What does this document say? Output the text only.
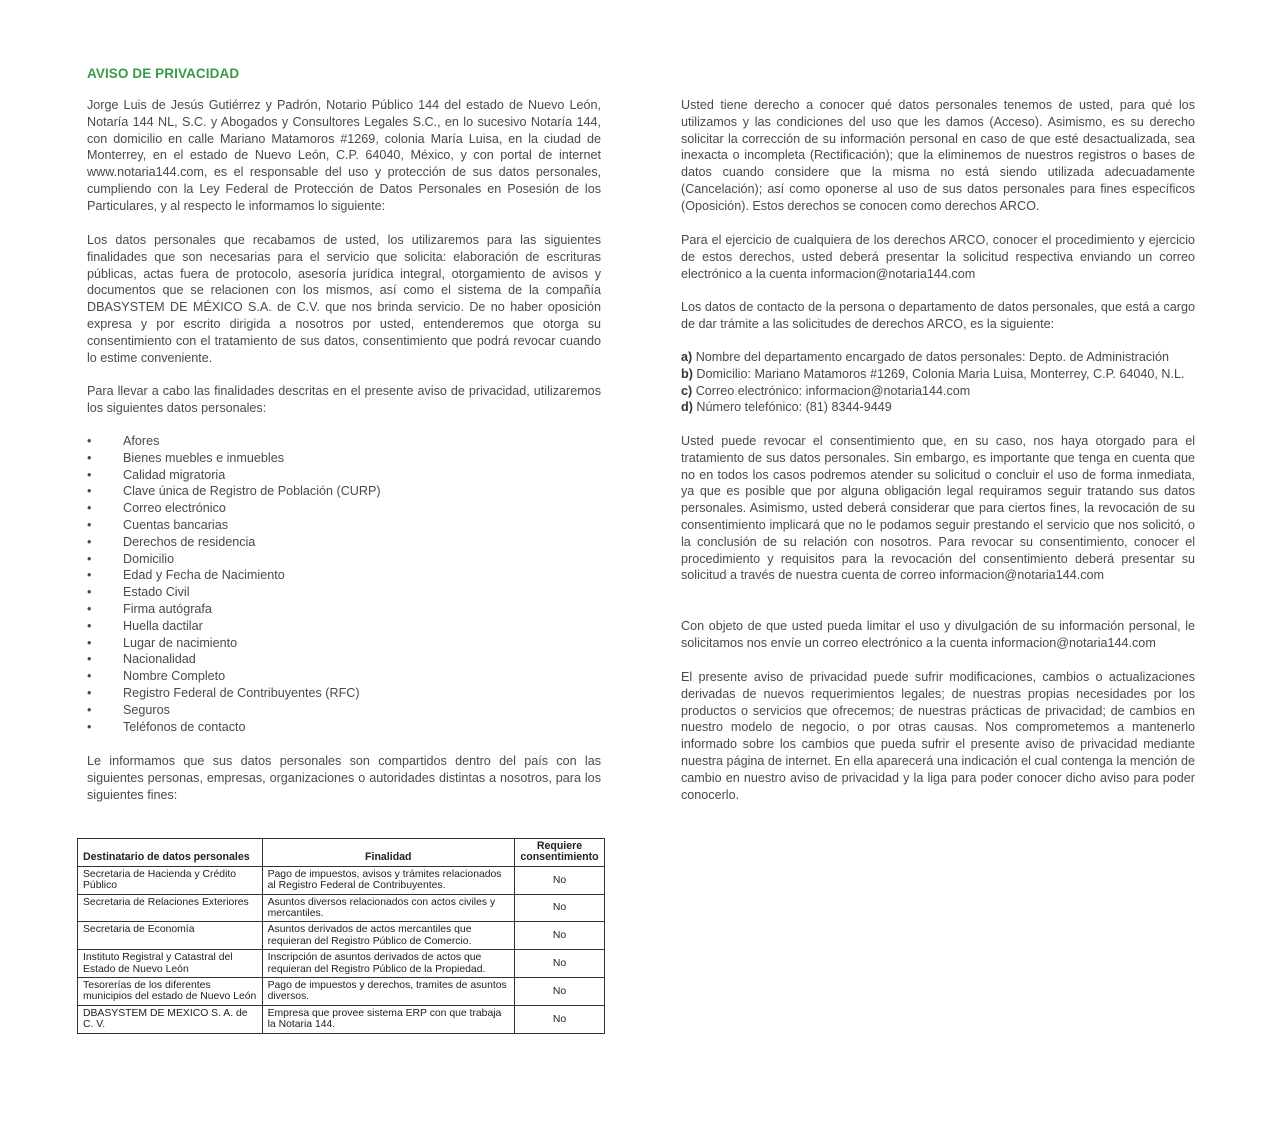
AVISO DE PRIVACIDAD

Jorge Luis de Jesús Gutiérrez y Padrón, Notario Público 144 del estado de Nuevo León, Notaría 144 NL, S.C. y Abogados y Consultores Legales S.C., en lo sucesivo Notaría 144, con domicilio en calle Mariano Matamoros #1269, colonia María Luisa, en la ciudad de Monterrey, en el estado de Nuevo León, C.P. 64040, México, y con portal de internet www.notaria144.com, es el responsable del uso y protección de sus datos personales, cumpliendo con la Ley Federal de Protección de Datos Personales en Posesión de los Particulares, y al respecto le informamos lo siguiente:

Los datos personales que recabamos de usted, los utilizaremos para las siguientes finalidades que son necesarias para el servicio que solicita: elaboración de escrituras públicas, actas fuera de protocolo, asesoría jurídica integral, otorgamiento de avisos y documentos que se relacionen con los mismos, así como el sistema de la compañía DBASYSTEM DE MÉXICO S.A. de C.V. que nos brinda servicio. De no haber oposición expresa y por escrito dirigida a nosotros por usted, entenderemos que otorga su consentimiento con el tratamiento de sus datos, consentimiento que podrá revocar cuando lo estime conveniente.

Para llevar a cabo las finalidades descritas en el presente aviso de privacidad, utilizaremos los siguientes datos personales:

•	Afores
•	Bienes muebles e inmuebles
•	Calidad migratoria
•	Clave única de Registro de Población (CURP)
•	Correo electrónico
•	Cuentas bancarias
•	Derechos de residencia
•	Domicilio
•	Edad y Fecha de Nacimiento
•	Estado Civil
•	Firma autógrafa
•	Huella dactilar
•	Lugar de nacimiento
•	Nacionalidad
•	Nombre Completo
•	Registro Federal de Contribuyentes (RFC)
•	Seguros
•	Teléfonos de contacto

Le informamos que sus datos personales son compartidos dentro del país con las siguientes personas, empresas, organizaciones o autoridades distintas a nosotros, para los siguientes fines:

Destinatario de datos personales	Finalidad	Requiere consentimiento
Secretaria de Hacienda y Crédito Público	Pago de impuestos, avisos y trámites relacionados al Registro Federal de Contribuyentes.	No
Secretaria de Relaciones Exteriores	Asuntos diversos relacionados con actos civiles y mercantiles.	No
Secretaria de Economía	Asuntos derivados de actos mercantiles que requieran del Registro Público de Comercio.	No
Instituto Registral y Catastral del Estado de Nuevo León	Inscripción de asuntos derivados de actos que requieran del Registro Público de la Propiedad.	No
Tesorerías de los diferentes municipios del estado de Nuevo León	Pago de impuestos y derechos, tramites de asuntos diversos.	No
DBASYSTEM DE MEXICO S. A. de C. V.	Empresa que provee sistema ERP con que trabaja la Notaria 144.	No

Usted tiene derecho a conocer qué datos personales tenemos de usted, para qué los utilizamos y las condiciones del uso que les damos (Acceso). Asimismo, es su derecho solicitar la corrección de su información personal en caso de que esté desactualizada, sea inexacta o incompleta (Rectificación); que la eliminemos de nuestros registros o bases de datos cuando considere que la misma no está siendo utilizada adecuadamente (Cancelación); así como oponerse al uso de sus datos personales para fines específicos (Oposición). Estos derechos se conocen como derechos ARCO.

Para el ejercicio de cualquiera de los derechos ARCO, conocer el procedimiento y ejercicio de estos derechos, usted deberá presentar la solicitud respectiva enviando un correo electrónico a la cuenta informacion@notaria144.com

Los datos de contacto de la persona o departamento de datos personales, que está a cargo de dar trámite a las solicitudes de derechos ARCO, es la siguiente:

a) Nombre del departamento encargado de datos personales: Depto. de Administración
b) Domicilio: Mariano Matamoros #1269, Colonia Maria Luisa, Monterrey, C.P. 64040, N.L.
c) Correo electrónico: informacion@notaria144.com
d) Número telefónico: (81) 8344-9449

Usted puede revocar el consentimiento que, en su caso, nos haya otorgado para el tratamiento de sus datos personales. Sin embargo, es importante que tenga en cuenta que no en todos los casos podremos atender su solicitud o concluir el uso de forma inmediata, ya que es posible que por alguna obligación legal requiramos seguir tratando sus datos personales. Asimismo, usted deberá considerar que para ciertos fines, la revocación de su consentimiento implicará que no le podamos seguir prestando el servicio que nos solicitó, o la conclusión de su relación con nosotros. Para revocar su consentimiento, conocer el procedimiento y requisitos para la revocación del consentimiento deberá presentar su solicitud a través de nuestra cuenta de correo informacion@notaria144.com

Con objeto de que usted pueda limitar el uso y divulgación de su información personal, le solicitamos nos envíe un correo electrónico a la cuenta informacion@notaria144.com

El presente aviso de privacidad puede sufrir modificaciones, cambios o actualizaciones derivadas de nuevos requerimientos legales; de nuestras propias necesidades por los productos o servicios que ofrecemos; de nuestras prácticas de privacidad; de cambios en nuestro modelo de negocio, o por otras causas. Nos comprometemos a mantenerlo informado sobre los cambios que pueda sufrir el presente aviso de privacidad mediante nuestra página de internet. En ella aparecerá una indicación el cual contenga la mención de cambio en nuestro aviso de privacidad y la liga para poder conocer dicho aviso para poder conocerlo.
